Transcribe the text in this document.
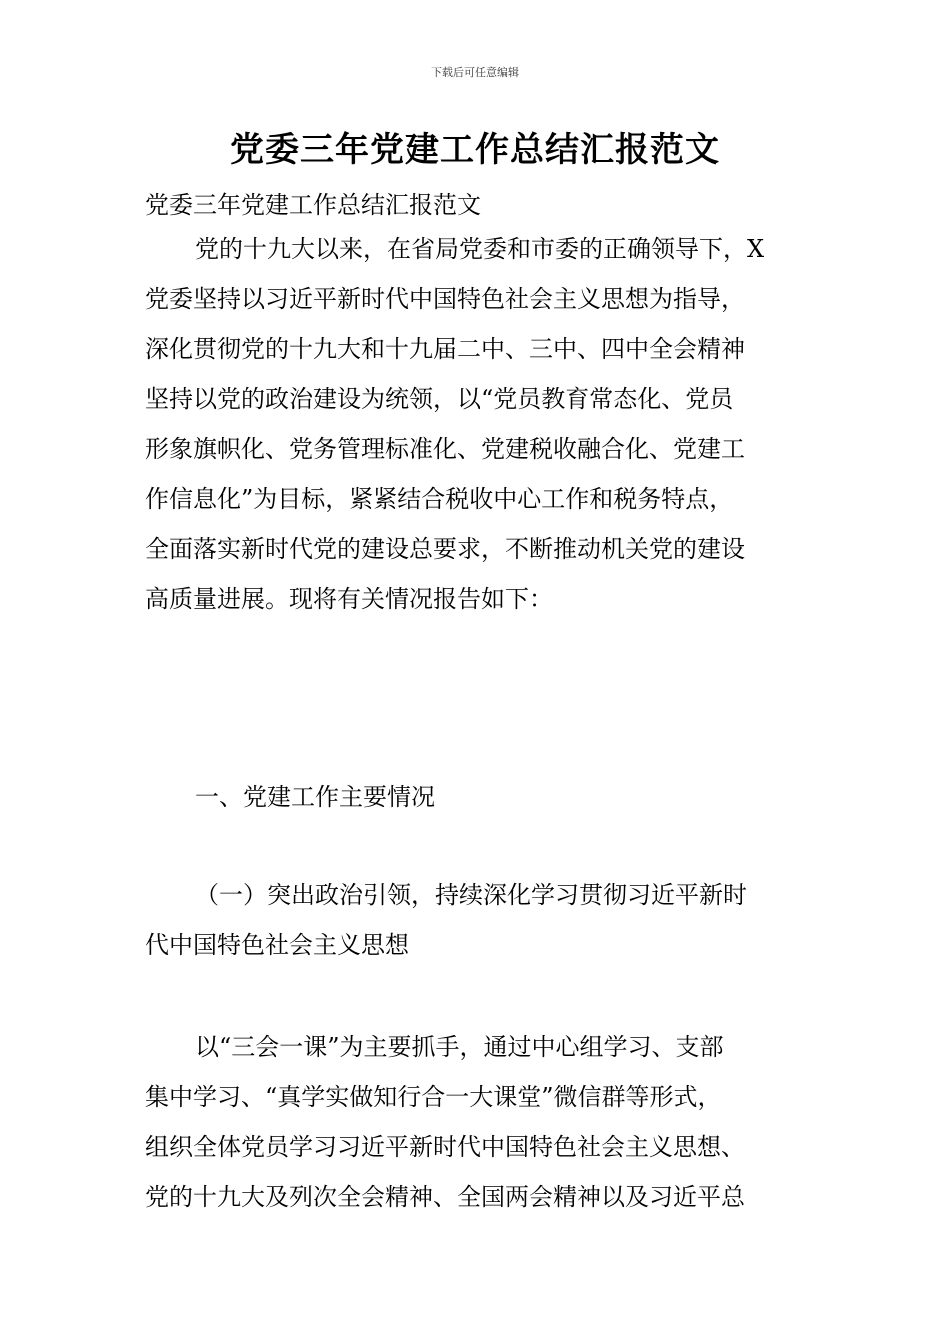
下载后可任意编辑
党委三年党建工作总结汇报范文

党委三年党建工作总结汇报范文

党的十九大以来，在省局党委和市委的正确领导下，X
党委坚持以习近平新时代中国特色社会主义思想为指导，
深化贯彻党的十九大和十九届二中、三中、四中全会精神
坚持以党的政治建设为统领，以“党员教育常态化、党员
形象旗帜化、党务管理标准化、党建税收融合化、党建工
作信息化”为目标，紧紧结合税收中心工作和税务特点，
全面落实新时代党的建设总要求，不断推动机关党的建设
高质量进展。现将有关情况报告如下：
一、党建工作主要情况
（一）突出政治引领，持续深化学习贯彻习近平新时
代中国特色社会主义思想
以“三会一课”为主要抓手，通过中心组学习、支部
集中学习、“真学实做知行合一大课堂”微信群等形式，
组织全体党员学习习近平新时代中国特色社会主义思想、
党的十九大及列次全会精神、全国两会精神以及习近平总
